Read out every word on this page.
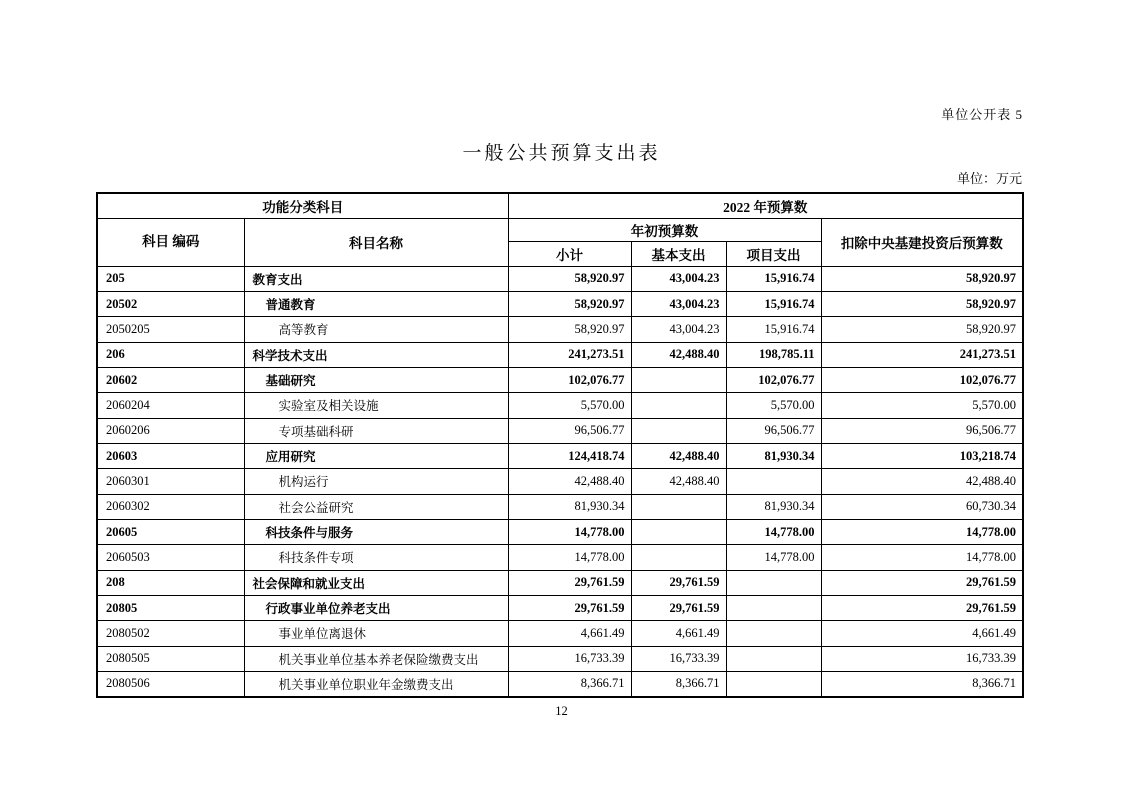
单位公开表 5
一般公共预算支出表
单位：万元
功能分类科目		2022 年预算数			
科目 编码	科目名称	年初预算数			扣除中央基建投资后预算数
		小计	基本支出	项目支出	
205	教育支出	58,920.97	43,004.23	15,916.74	58,920.97
20502	普通教育	58,920.97	43,004.23	15,916.74	58,920.97
2050205	高等教育	58,920.97	43,004.23	15,916.74	58,920.97
206	科学技术支出	241,273.51	42,488.40	198,785.11	241,273.51
20602	基础研究	102,076.77		102,076.77	102,076.77
2060204	实验室及相关设施	5,570.00		5,570.00	5,570.00
2060206	专项基础科研	96,506.77		96,506.77	96,506.77
20603	应用研究	124,418.74	42,488.40	81,930.34	103,218.74
2060301	机构运行	42,488.40	42,488.40		42,488.40
2060302	社会公益研究	81,930.34		81,930.34	60,730.34
20605	科技条件与服务	14,778.00		14,778.00	14,778.00
2060503	科技条件专项	14,778.00		14,778.00	14,778.00
208	社会保障和就业支出	29,761.59	29,761.59		29,761.59
20805	行政事业单位养老支出	29,761.59	29,761.59		29,761.59
2080502	事业单位离退休	4,661.49	4,661.49		4,661.49
2080505	机关事业单位基本养老保险缴费支出	16,733.39	16,733.39		16,733.39
2080506	机关事业单位职业年金缴费支出	8,366.71	8,366.71		8,366.71
12
